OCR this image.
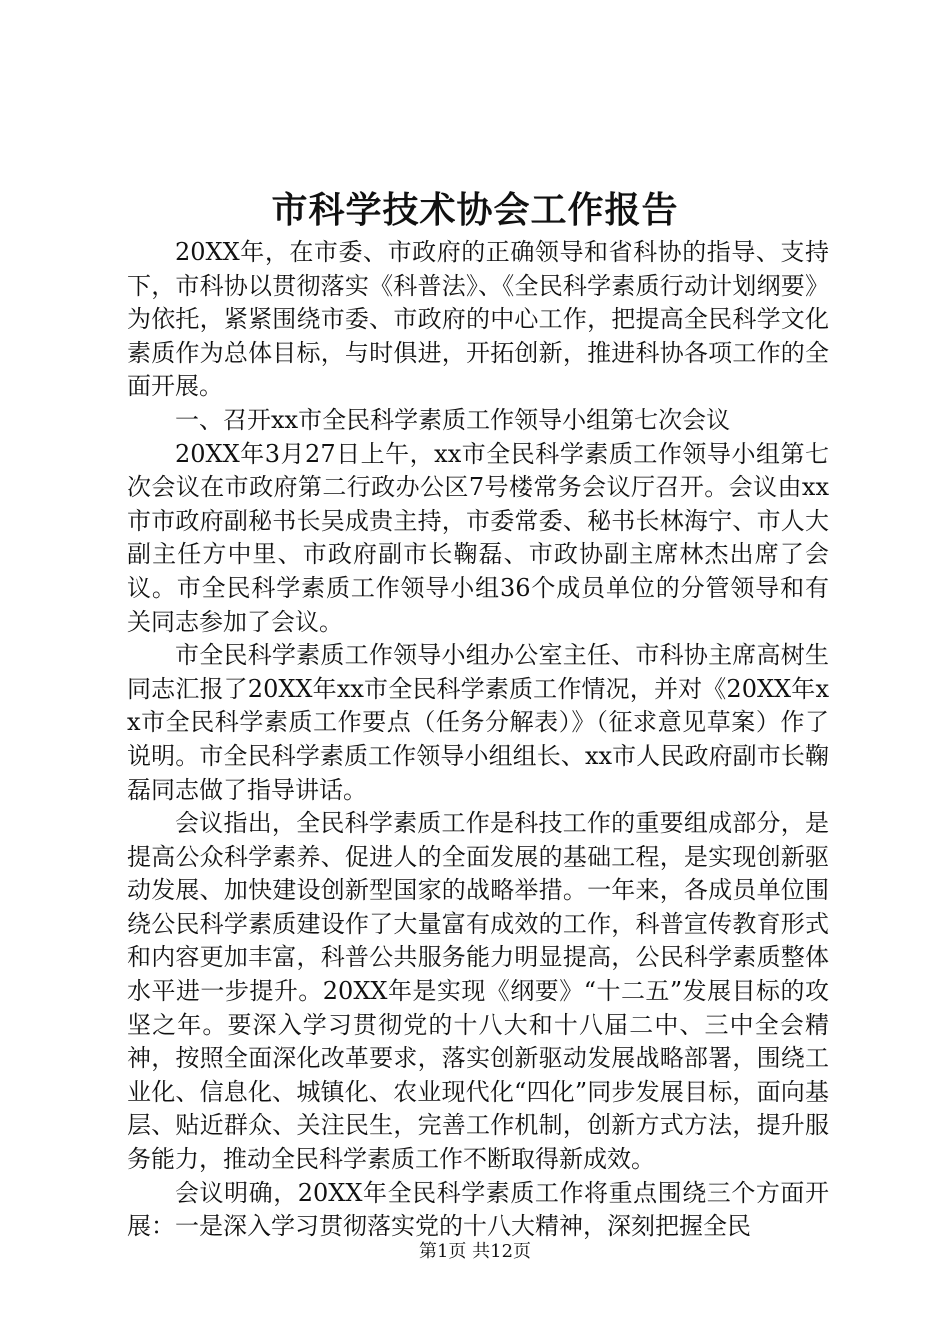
市科学技术协会工作报告

20XX年，在市委、市政府的正确领导和省科协的指导、支持下，市科协以贯彻落实《科普法》、《全民科学素质行动计划纲要》为依托，紧紧围绕市委、市政府的中心工作，把提高全民科学文化素质作为总体目标，与时俱进，开拓创新，推进科协各项工作的全面开展。

一、召开xx市全民科学素质工作领导小组第七次会议

20XX年3月27日上午，xx市全民科学素质工作领导小组第七次会议在市政府第二行政办公区7号楼常务会议厅召开。会议由xx市市政府副秘书长吴成贵主持，市委常委、秘书长林海宁、市人大副主任方中里、市政府副市长鞠磊、市政协副主席林杰出席了会议。市全民科学素质工作领导小组36个成员单位的分管领导和有关同志参加了会议。

市全民科学素质工作领导小组办公室主任、市科协主席高树生同志汇报了20XX年xx市全民科学素质工作情况，并对《20XX年xx市全民科学素质工作要点（任务分解表）》（征求意见草案）作了说明。市全民科学素质工作领导小组组长、xx市人民政府副市长鞠磊同志做了指导讲话。

会议指出，全民科学素质工作是科技工作的重要组成部分，是提高公众科学素养、促进人的全面发展的基础工程，是实现创新驱动发展、加快建设创新型国家的战略举措。一年来，各成员单位围绕公民科学素质建设作了大量富有成效的工作，科普宣传教育形式和内容更加丰富，科普公共服务能力明显提高，公民科学素质整体水平进一步提升。20XX年是实现《纲要》“十二五”发展目标的攻坚之年。要深入学习贯彻党的十八大和十八届二中、三中全会精神，按照全面深化改革要求，落实创新驱动发展战略部署，围绕工业化、信息化、城镇化、农业现代化“四化”同步发展目标，面向基层、贴近群众、关注民生，完善工作机制，创新方式方法，提升服务能力，推动全民科学素质工作不断取得新成效。

会议明确，20XX年全民科学素质工作将重点围绕三个方面开展：一是深入学习贯彻落实党的十八大精神，深刻把握全民

第1页 共12页
